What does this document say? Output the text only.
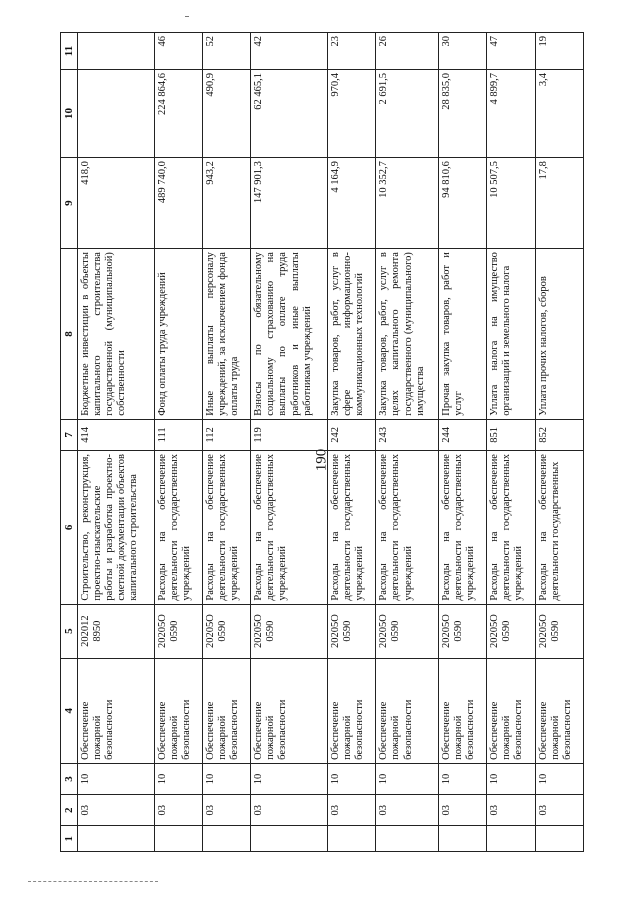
190
1	2	3	4	5	6	7	8	9	10	11
	03	10	Обеспечение пожарной безопасности	202012 8950	Строительство, реконструкция, проектно-изыскательские работы и разработка проектно-сметной документации объектов капитального строительства	414	Бюджетные инвестиции в объекты капитального строительства государственной (муниципальной) собственности	418,0		
	03	10	Обеспечение пожарной безопасности	20205О 0590	Расходы на обеспечение деятельности государственных учреждений	111	Фонд оплаты труда учреждений	489 740,0	224 864,6	46
	03	10	Обеспечение пожарной безопасности	20205О 0590	Расходы на обеспечение деятельности государственных учреждений	112	Иные выплаты персоналу учреждений, за исключением фонда оплаты труда	943,2	490,9	52
	03	10	Обеспечение пожарной безопасности	20205О 0590	Расходы на обеспечение деятельности государственных учреждений	119	Взносы по обязательному социальному страхованию на выплаты по оплате труда работников и иные выплаты работникам учреждений	147 901,3	62 465,1	42
	03	10	Обеспечение пожарной безопасности	20205О 0590	Расходы на обеспечение деятельности государственных учреждений	242	Закупка товаров, работ, услуг в сфере информационно-коммуникационных технологий	4 164,9	970,4	23
	03	10	Обеспечение пожарной безопасности	20205О 0590	Расходы на обеспечение деятельности государственных учреждений	243	Закупка товаров, работ, услуг в целях капитального ремонта государственного (муниципального) имущества	10 352,7	2 691,5	26
	03	10	Обеспечение пожарной безопасности	20205О 0590	Расходы на обеспечение деятельности государственных учреждений	244	Прочая закупка товаров, работ и услуг	94 810,6	28 835,0	30
	03	10	Обеспечение пожарной безопасности	20205О 0590	Расходы на обеспечение деятельности государственных учреждений	851	Уплата налога на имущество организаций и земельного налога	10 507,5	4 899,7	47
	03	10	Обеспечение пожарной безопасности	20205О 0590	Расходы на обеспечение деятельности государственных	852	Уплата прочих налогов, сборов	17,8	3,4	19
